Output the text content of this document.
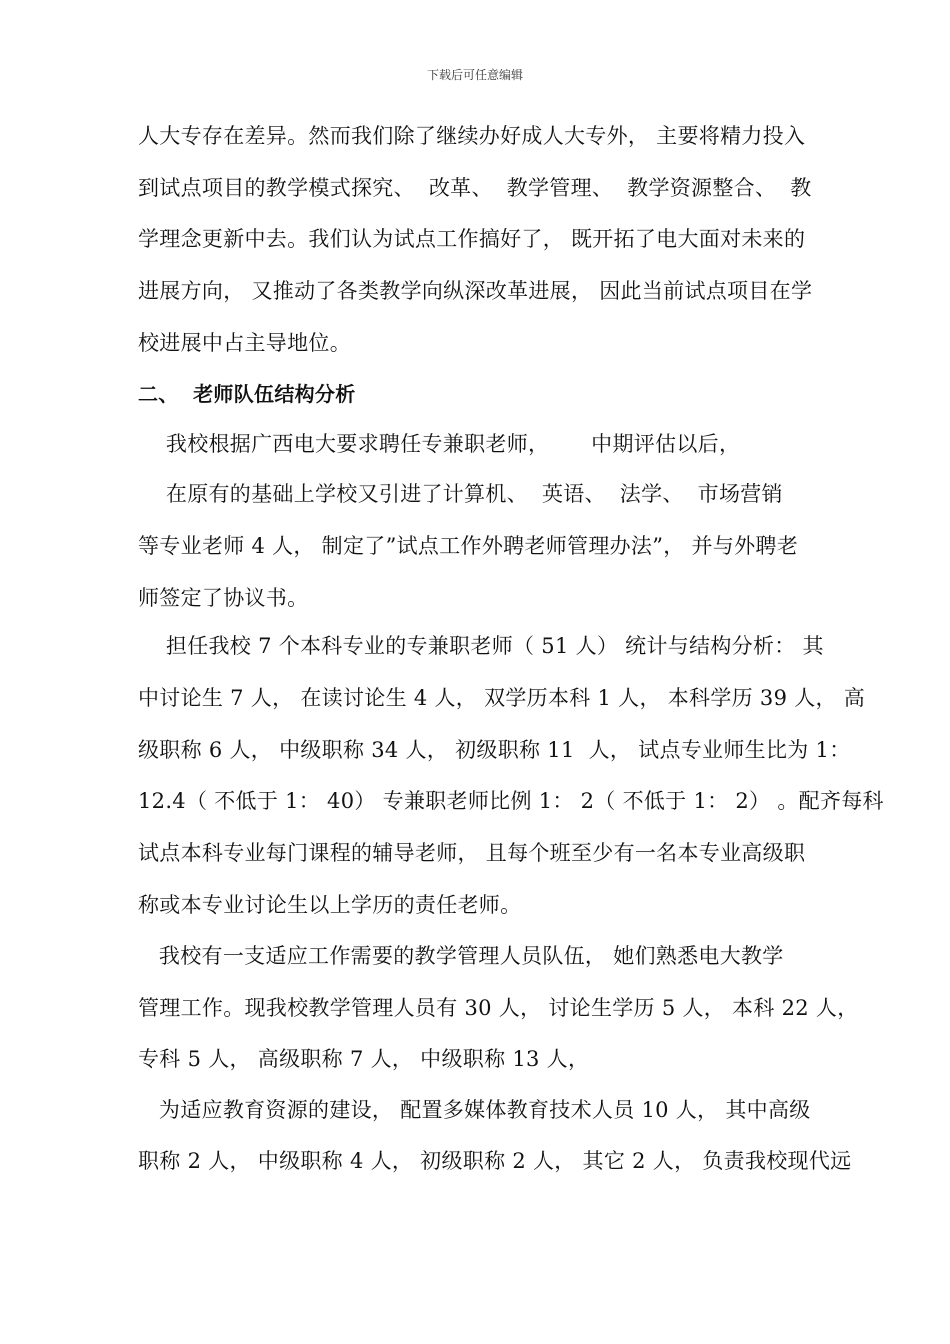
下载后可任意编辑
人大专存在差异。然而我们除了继续办好成人大专外， 主要将精力投入
到试点项目的教学模式探究、  改革、  教学管理、  教学资源整合、  教
学理念更新中去。我们认为试点工作搞好了， 既开拓了电大面对未来的
进展方向， 又推动了各类教学向纵深改革进展， 因此当前试点项目在学
校进展中占主导地位。
二、  老师队伍结构分析
我校根据广西电大要求聘任专兼职老师，      中期评估以后，
在原有的基础上学校又引进了计算机、  英语、  法学、  市场营销
等专业老师 4 人， 制定了”试点工作外聘老师管理办法”， 并与外聘老
师签定了协议书。
担任我校 7 个本科专业的专兼职老师（ 51 人） 统计与结构分析： 其
中讨论生 7 人， 在读讨论生 4 人， 双学历本科 1 人， 本科学历 39 人， 高
级职称 6 人， 中级职称 34 人， 初级职称 11  人， 试点专业师生比为 1：
12.4（ 不低于 1： 40） 专兼职老师比例 1： 2（ 不低于 1： 2） 。配齐每科
试点本科专业每门课程的辅导老师， 且每个班至少有一名本专业高级职
称或本专业讨论生以上学历的责任老师。
我校有一支适应工作需要的教学管理人员队伍， 她们熟悉电大教学
管理工作。现我校教学管理人员有 30 人， 讨论生学历 5 人， 本科 22 人，
专科 5 人， 高级职称 7 人， 中级职称 13 人，
为适应教育资源的建设， 配置多媒体教育技术人员 10 人， 其中高级
职称 2 人， 中级职称 4 人， 初级职称 2 人， 其它 2 人， 负责我校现代远
